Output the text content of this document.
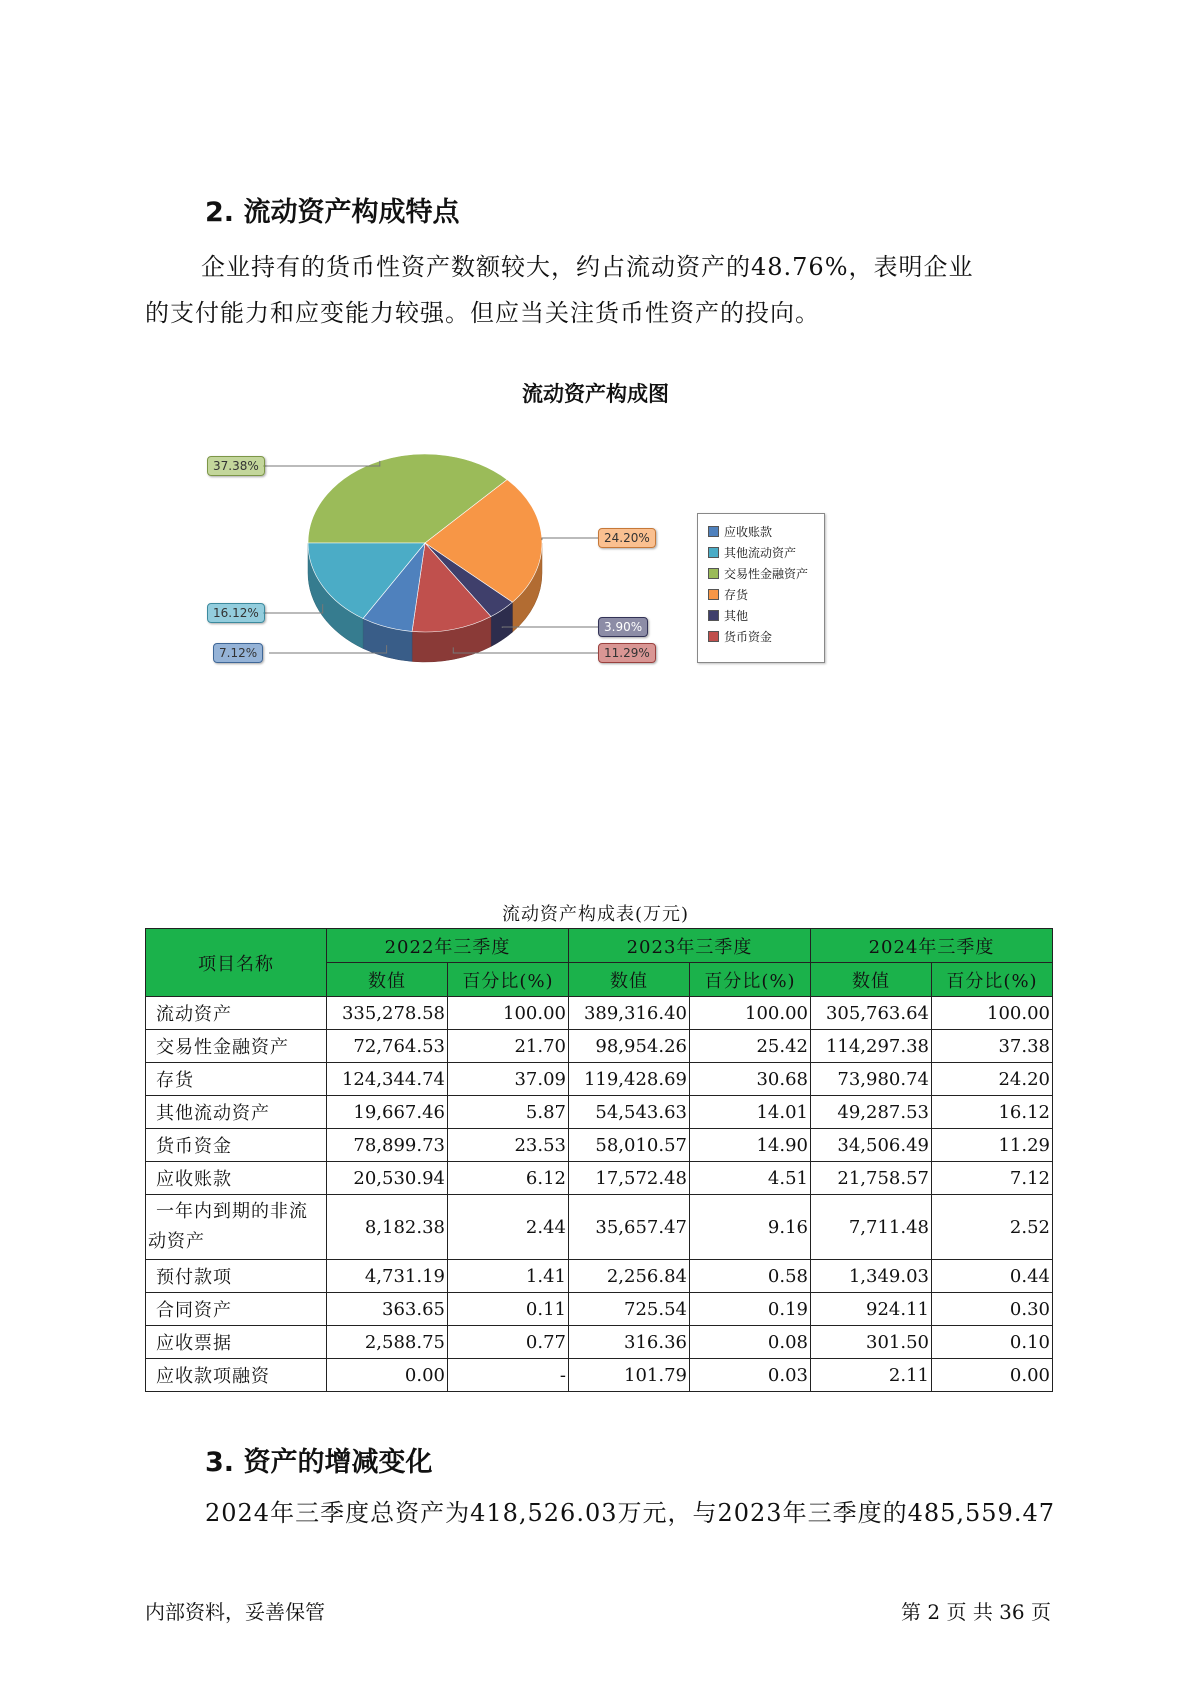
2. 流动资产构成特点

企业持有的货币性资产数额较大，约占流动资产的48.76%，表明企业
的支付能力和应变能力较强。但应当关注货币性资产的投向。

流动资产构成图
37.38%
24.20%
3.90%
11.29%
7.12%
16.12%
应收账款
其他流动资产
交易性金融资产
存货
其他
货币资金
流动资产构成表(万元)
项目名称	2022年三季度		2023年三季度		2024年三季度	
	数值	百分比(%)	数值	百分比(%)	数值	百分比(%)
流动资产	335,278.58	100.00	389,316.40	100.00	305,763.64	100.00
交易性金融资产	72,764.53	21.70	98,954.26	25.42	114,297.38	37.38
存货	124,344.74	37.09	119,428.69	30.68	73,980.74	24.20
其他流动资产	19,667.46	5.87	54,543.63	14.01	49,287.53	16.12
货币资金	78,899.73	23.53	58,010.57	14.90	34,506.49	11.29
应收账款	20,530.94	6.12	17,572.48	4.51	21,758.57	7.12
一年内到期的非流
动资产	8,182.38	2.44	35,657.47	9.16	7,711.48	2.52
预付款项	4,731.19	1.41	2,256.84	0.58	1,349.03	0.44
合同资产	363.65	0.11	725.54	0.19	924.11	0.30
应收票据	2,588.75	0.77	316.36	0.08	301.50	0.10
应收款项融资	0.00	-	101.79	0.03	2.11	0.00
3. 资产的增减变化

2024年三季度总资产为418,526.03万元，与2023年三季度的485,559.47

内部资料，妥善保管	第 2 页 共 36 页
